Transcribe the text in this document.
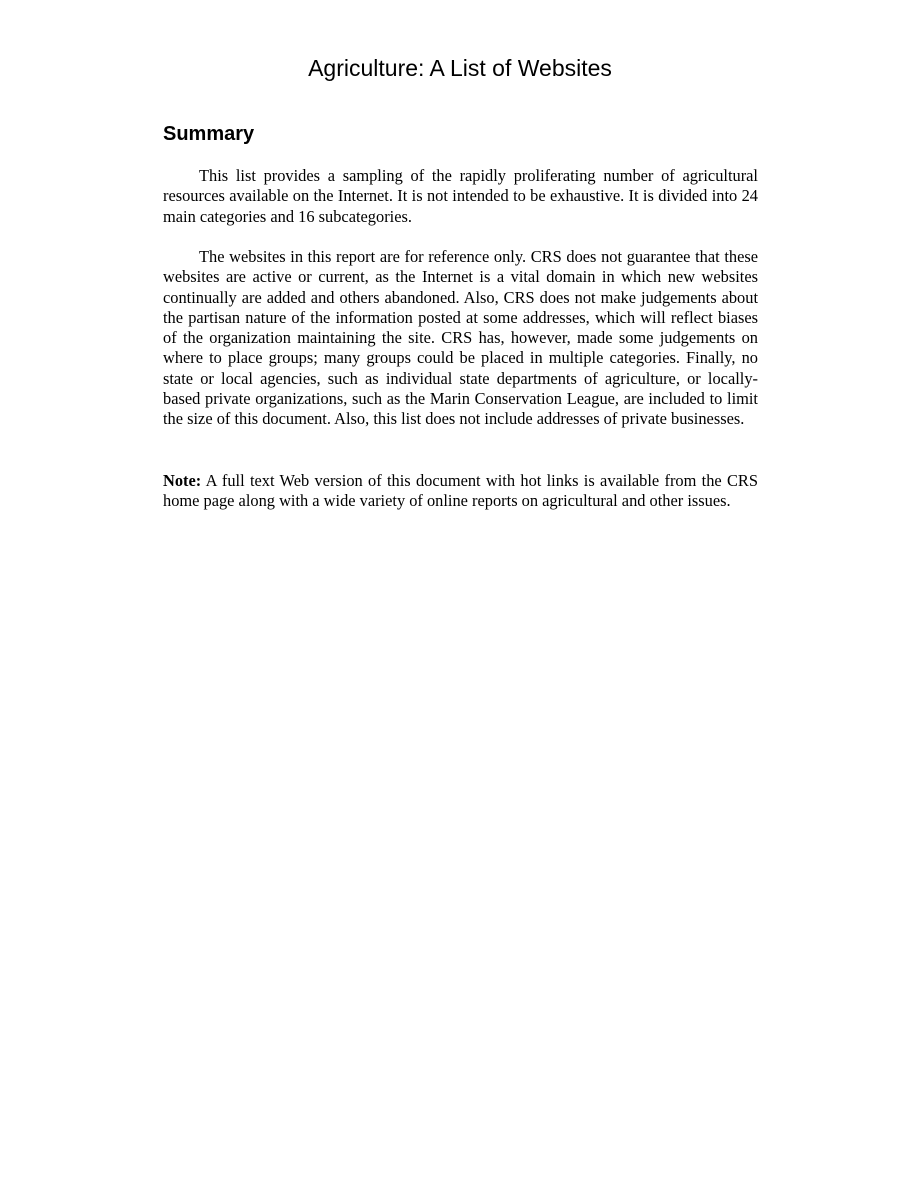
Agriculture: A List of Websites
Summary

This list provides a sampling of the rapidly proliferating number of agricultural resources available on the Internet. It is not intended to be exhaustive. It is divided into 24 main categories and 16 subcategories.

The websites in this report are for reference only. CRS does not guarantee that these websites are active or current, as the Internet is a vital domain in which new websites continually are added and others abandoned. Also, CRS does not make judgements about the partisan nature of the information posted at some addresses, which will reflect biases of the organization maintaining the site. CRS has, however, made some judgements on where to place groups; many groups could be placed in multiple categories. Finally, no state or local agencies, such as individual state departments of agriculture, or locally-based private organizations, such as the Marin Conservation League, are included to limit the size of this document. Also, this list does not include addresses of private businesses.

Note: A full text Web version of this document with hot links is available from the CRS home page along with a wide variety of online reports on agricultural and other issues.
